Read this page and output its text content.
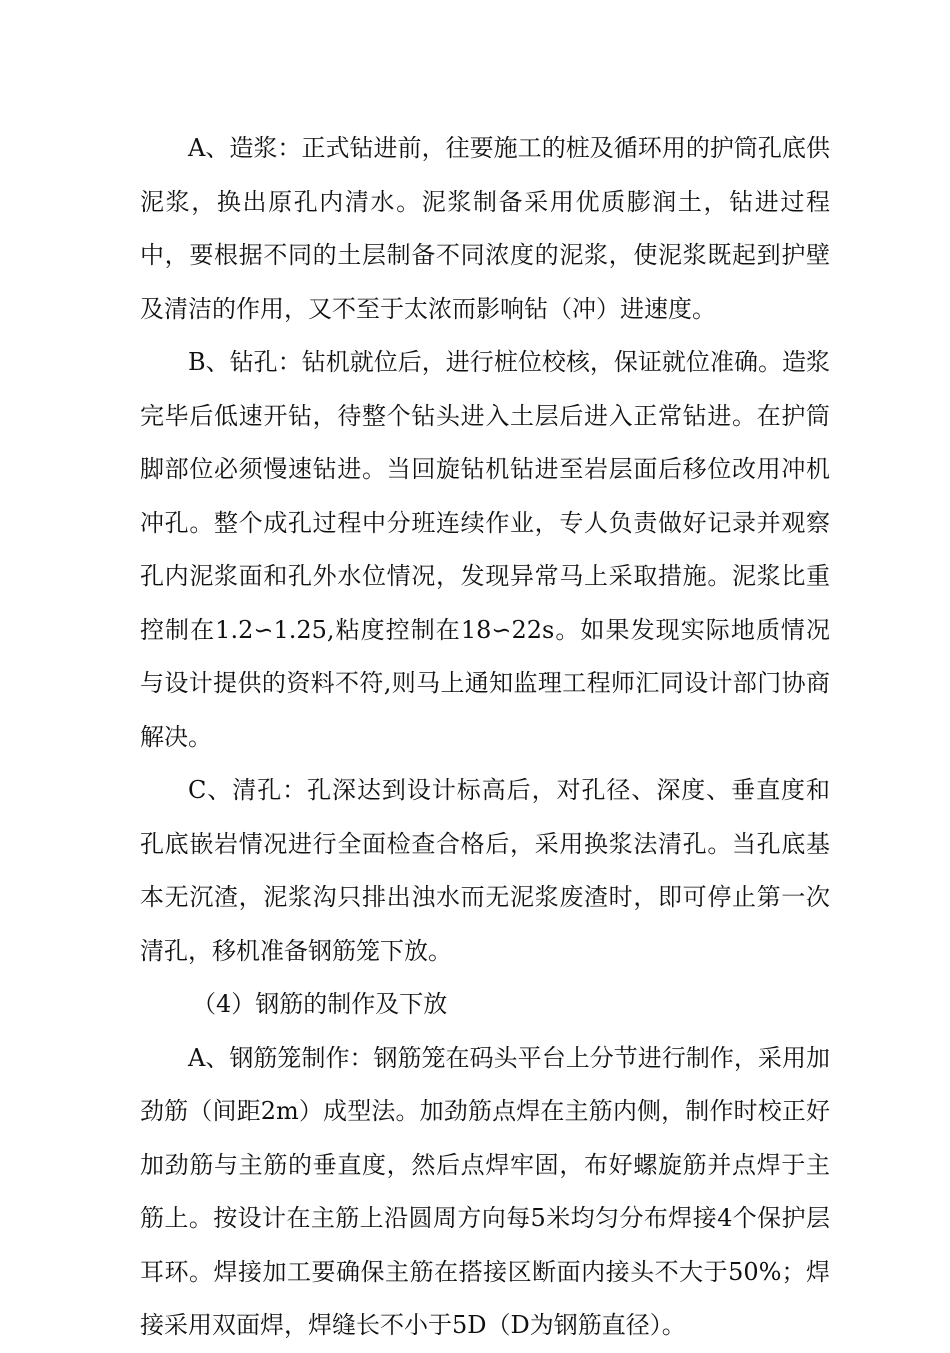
A、造浆：正式钻进前，往要施工的桩及循环用的护筒孔底供泥浆，换出原孔内清水。泥浆制备采用优质膨润土，钻进过程中，要根据不同的土层制备不同浓度的泥浆，使泥浆既起到护壁及清洁的作用，又不至于太浓而影响钻（冲）进速度。

B、钻孔：钻机就位后，进行桩位校核，保证就位准确。造浆完毕后低速开钻，待整个钻头进入土层后进入正常钻进。在护筒脚部位必须慢速钻进。当回旋钻机钻进至岩层面后移位改用冲机冲孔。整个成孔过程中分班连续作业，专人负责做好记录并观察孔内泥浆面和孔外水位情况，发现异常马上采取措施。泥浆比重控制在1.2∽1.25,粘度控制在18∽22s。如果发现实际地质情况与设计提供的资料不符,则马上通知监理工程师汇同设计部门协商解决。

C、清孔：孔深达到设计标高后，对孔径、深度、垂直度和孔底嵌岩情况进行全面检查合格后，采用换浆法清孔。当孔底基本无沉渣，泥浆沟只排出浊水而无泥浆废渣时，即可停止第一次清孔，移机准备钢筋笼下放。

（4）钢筋的制作及下放

A、钢筋笼制作：钢筋笼在码头平台上分节进行制作，采用加劲筋（间距2m）成型法。加劲筋点焊在主筋内侧，制作时校正好加劲筋与主筋的垂直度，然后点焊牢固，布好螺旋筋并点焊于主筋上。按设计在主筋上沿圆周方向每5米均匀分布焊接4个保护层耳环。焊接加工要确保主筋在搭接区断面内接头不大于50%；焊接采用双面焊，焊缝长不小于5D（D为钢筋直径）。
